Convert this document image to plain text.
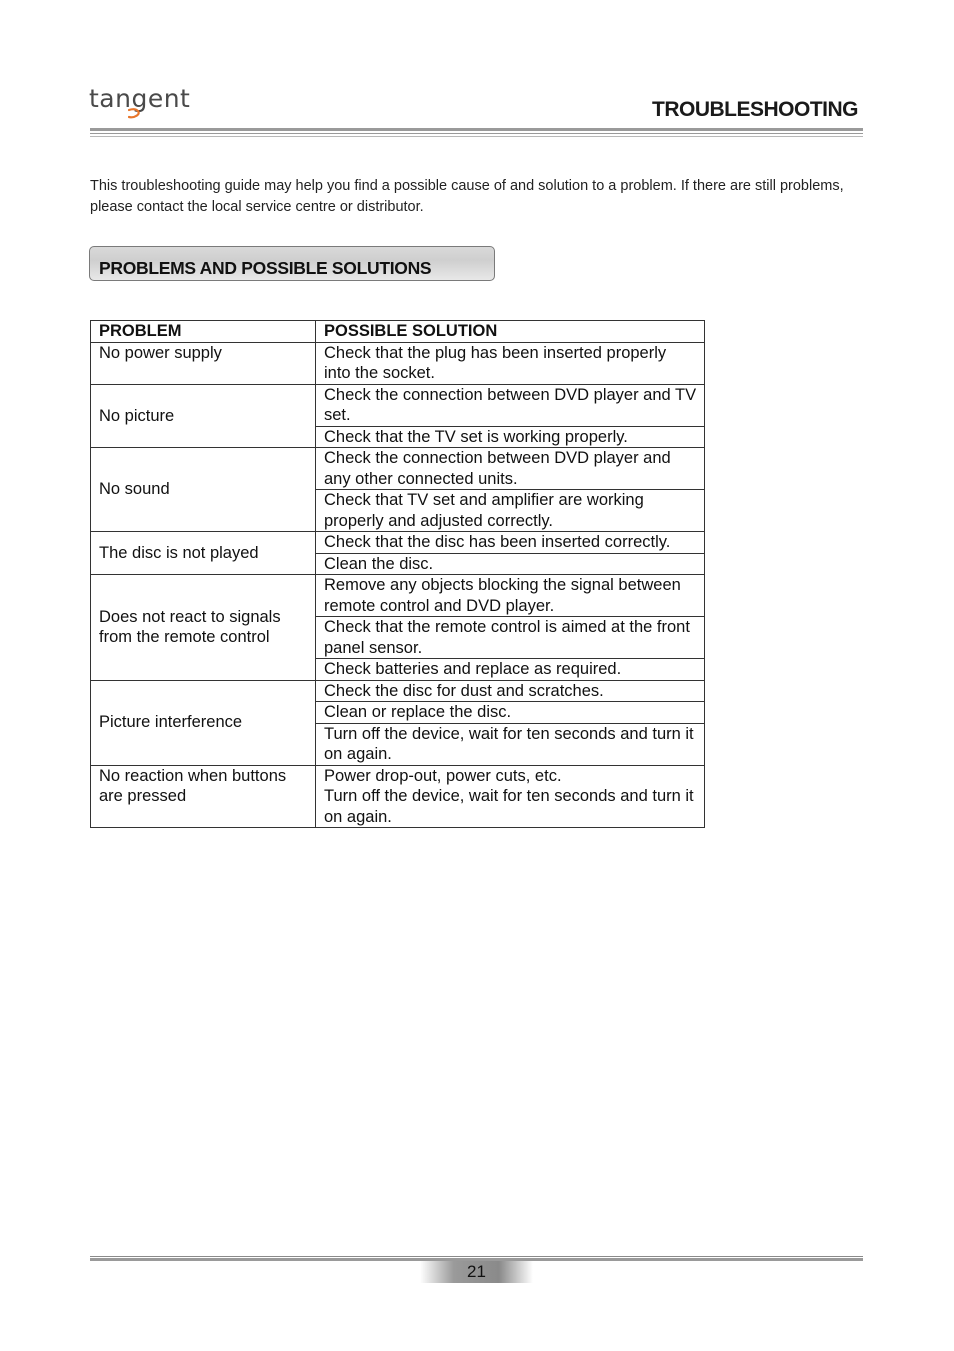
tangent	TROUBLESHOOTING
This troubleshooting guide may help you find a possible cause of and solution to a problem. If there are still problems, please contact the local service centre or distributor.
PROBLEMS AND POSSIBLE SOLUTIONS
PROBLEM	POSSIBLE SOLUTION
No power supply	Check that the plug has been inserted properly into the socket.
No picture	Check the connection between DVD player and TV set.
	Check that the TV set is working properly.
No sound	Check the connection between DVD player and any other connected units.
	Check that TV set and amplifier are working properly and adjusted correctly.
The disc is not played	Check that the disc has been inserted correctly.
	Clean the disc.
Does not react to signals from the remote control	Remove any objects blocking the signal between remote control and DVD player.
	Check that the remote control is aimed at the front panel sensor.
	Check batteries and replace as required.
Picture interference	Check the disc for dust and scratches.
	Clean or replace the disc.
	Turn off the device, wait for ten seconds and turn it on again.
No reaction when buttons are pressed	Power drop-out, power cuts, etc.
Turn off the device, wait for ten seconds and turn it on again.
21
